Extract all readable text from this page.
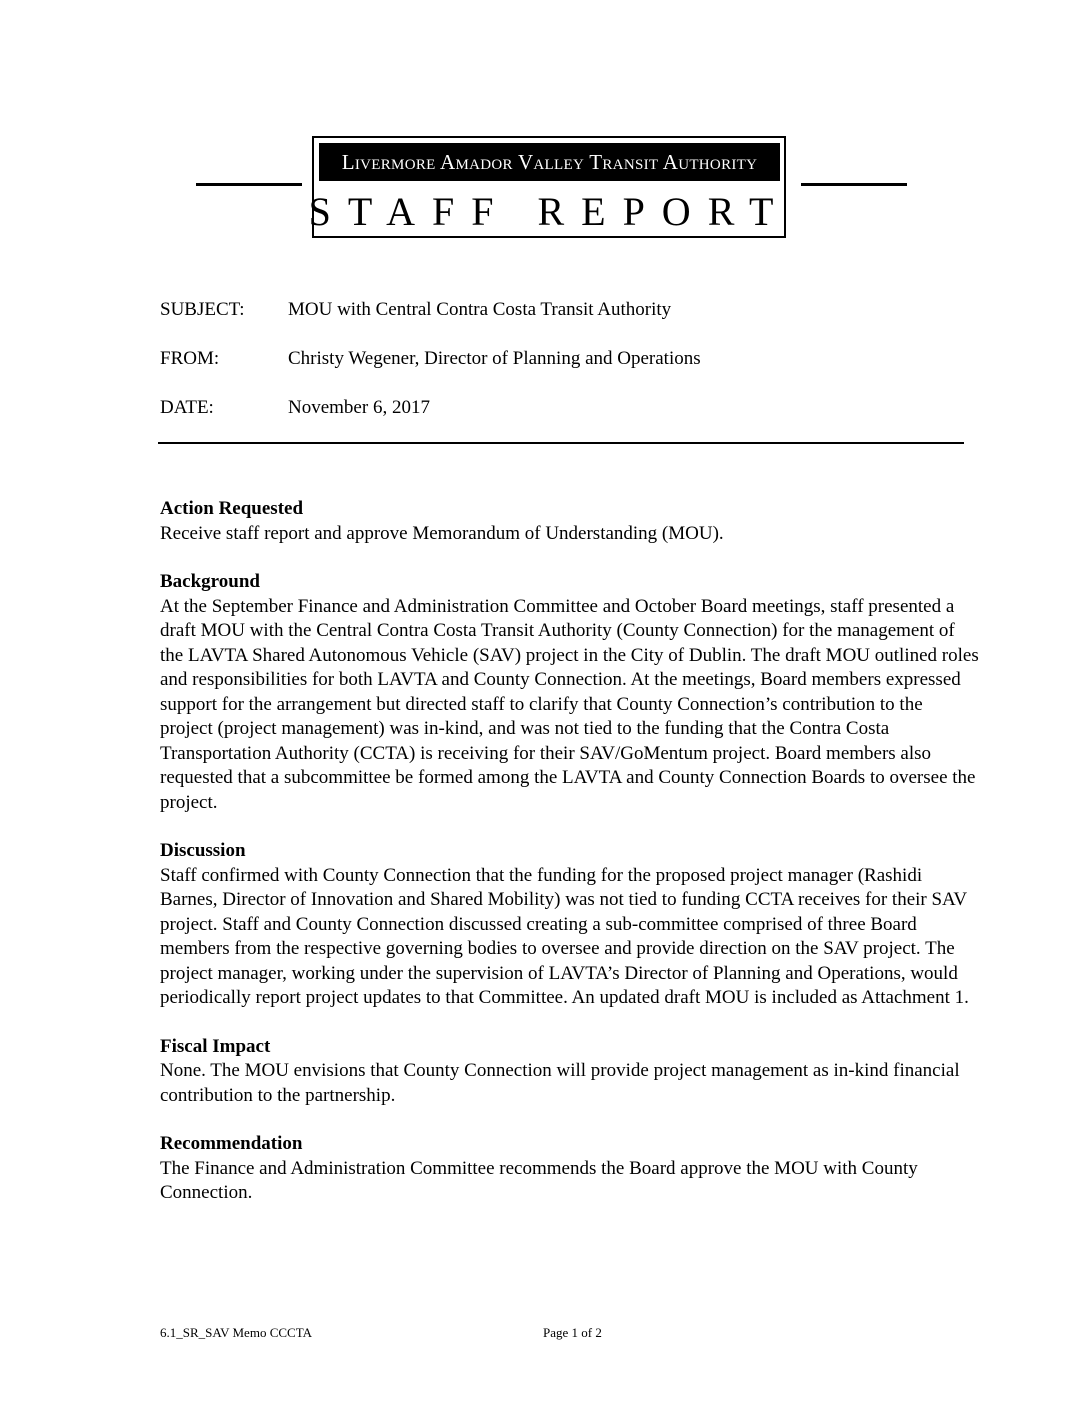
Livermore Amador Valley Transit Authority
STAFF REPORT
SUBJECT: MOU with Central Contra Costa Transit Authority
FROM:	Christy Wegener, Director of Planning and Operations
DATE:	November 6, 2017
Action Requested

Receive staff report and approve Memorandum of Understanding (MOU).

Background

At the September Finance and Administration Committee and October Board meetings, staff presented a draft MOU with the Central Contra Costa Transit Authority (County Connection) for the management of the LAVTA Shared Autonomous Vehicle (SAV) project in the City of Dublin. The draft MOU outlined roles and responsibilities for both LAVTA and County Connection. At the meetings, Board members expressed support for the arrangement but directed staff to clarify that County Connection’s contribution to the project (project management) was in-kind, and was not tied to the funding that the Contra Costa Transportation Authority (CCTA) is receiving for their SAV/GoMentum project. Board members also requested that a subcommittee be formed among the LAVTA and County Connection Boards to oversee the project.

Discussion

Staff confirmed with County Connection that the funding for the proposed project manager (Rashidi Barnes, Director of Innovation and Shared Mobility) was not tied to funding CCTA receives for their SAV project. Staff and County Connection discussed creating a sub-committee comprised of three Board members from the respective governing bodies to oversee and provide direction on the SAV project. The project manager, working under the supervision of LAVTA’s Director of Planning and Operations, would periodically report project updates to that Committee. An updated draft MOU is included as Attachment 1.

Fiscal Impact

None. The MOU envisions that County Connection will provide project management as in-kind financial contribution to the partnership.

Recommendation

The Finance and Administration Committee recommends the Board approve the MOU with County Connection.

6.1_SR_SAV Memo CCCTA	Page 1 of 2
